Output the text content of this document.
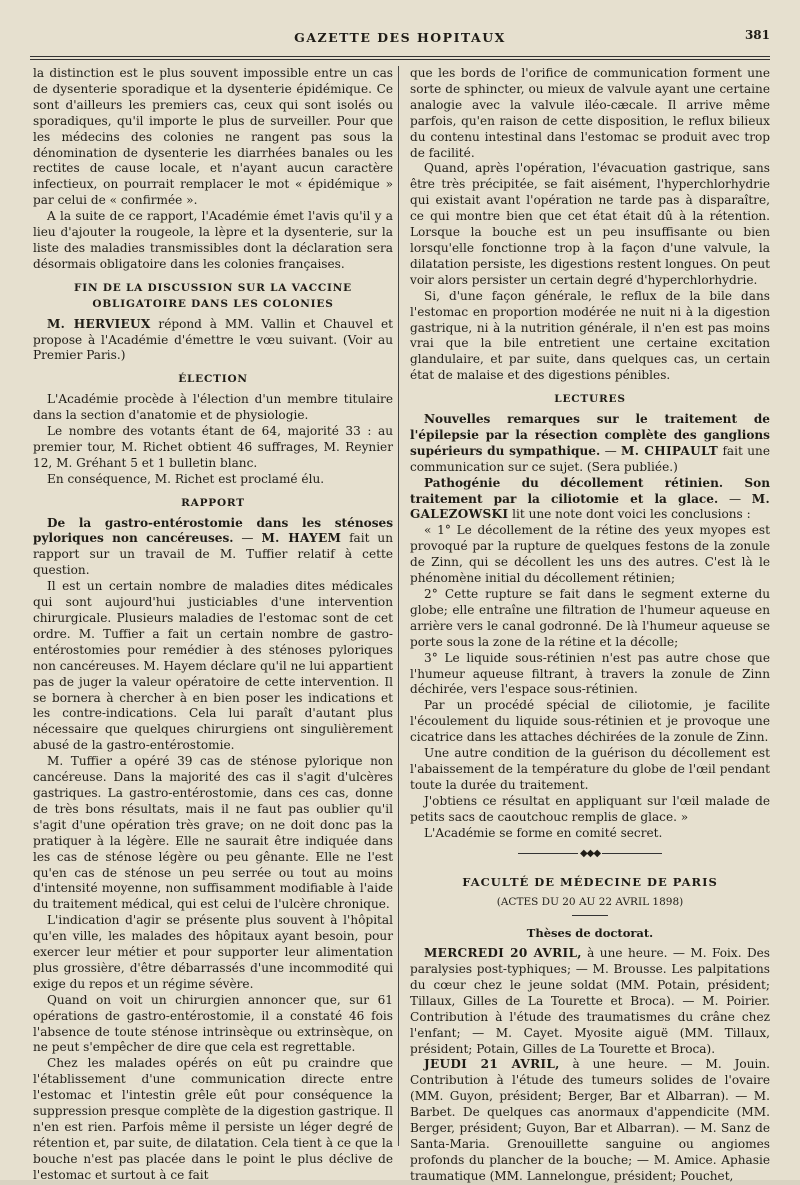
GAZETTE DES HOPITAUX	381

la distinction est le plus souvent impossible entre un cas de dysenterie sporadique et la dysenterie épidémique. Ce sont d'ailleurs les premiers cas, ceux qui sont isolés ou sporadiques, qu'il importe le plus de surveiller. Pour que les médecins des colonies ne rangent pas sous la dénomination de dysenterie les diarrhées banales ou les rectites de cause locale, et n'ayant aucun caractère infectieux, on pourrait remplacer le mot « épidémique » par celui de « confirmée ».

A la suite de ce rapport, l'Académie émet l'avis qu'il y a lieu d'ajouter la rougeole, la lèpre et la dysenterie, sur la liste des maladies transmissibles dont la déclaration sera désormais obligatoire dans les colonies françaises.

FIN DE LA DISCUSSION SUR LA VACCINE OBLIGATOIRE DANS LES COLONIES

M. HERVIEUX répond à MM. Vallin et Chauvel et propose à l'Académie d'émettre le vœu suivant. (Voir au Premier Paris.)

ÉLECTION

L'Académie procède à l'élection d'un membre titulaire dans la section d'anatomie et de physiologie.

Le nombre des votants étant de 64, majorité 33 : au premier tour, M. Richet obtient 46 suffrages, M. Reynier 12, M. Gréhant 5 et 1 bulletin blanc.

En conséquence, M. Richet est proclamé élu.

RAPPORT

De la gastro-entérostomie dans les sténoses pyloriques non cancéreuses. — M. HAYEM fait un rapport sur un travail de M. Tuffier relatif à cette question.

Il est un certain nombre de maladies dites médicales qui sont aujourd'hui justiciables d'une intervention chirurgicale. Plusieurs maladies de l'estomac sont de cet ordre. M. Tuffier a fait un certain nombre de gastro-entérostomies pour remédier à des sténoses pyloriques non cancéreuses. M. Hayem déclare qu'il ne lui appartient pas de juger la valeur opératoire de cette intervention. Il se bornera à chercher à en bien poser les indications et les contre-indications. Cela lui paraît d'autant plus nécessaire que quelques chirurgiens ont singulièrement abusé de la gastro-entérostomie.

M. Tuffier a opéré 39 cas de sténose pylorique non cancéreuse. Dans la majorité des cas il s'agit d'ulcères gastriques. La gastro-entérostomie, dans ces cas, donne de très bons résultats, mais il ne faut pas oublier qu'il s'agit d'une opération très grave; on ne doit donc pas la pratiquer à la légère. Elle ne saurait être indiquée dans les cas de sténose légère ou peu gênante. Elle ne l'est qu'en cas de sténose un peu serrée ou tout au moins d'intensité moyenne, non suffisamment modifiable à l'aide du traitement médical, qui est celui de l'ulcère chronique.

L'indication d'agir se présente plus souvent à l'hôpital qu'en ville, les malades des hôpitaux ayant besoin, pour exercer leur métier et pour supporter leur alimentation plus grossière, d'être débarrassés d'une incommodité qui exige du repos et un régime sévère.

Quand on voit un chirurgien annoncer que, sur 61 opérations de gastro-entérostomie, il a constaté 46 fois l'absence de toute sténose intrinsèque ou extrinsèque, on ne peut s'empêcher de dire que cela est regrettable.

Chez les malades opérés on eût pu craindre que l'établissement d'une communication directe entre l'estomac et l'intestin grêle eût pour conséquence la suppression presque complète de la digestion gastrique. Il n'en est rien. Parfois même il persiste un léger degré de rétention et, par suite, de dilatation. Cela tient à ce que la bouche n'est pas placée dans le point le plus déclive de l'estomac et surtout à ce fait

que les bords de l'orifice de communication forment une sorte de sphincter, ou mieux de valvule ayant une certaine analogie avec la valvule iléo-cæcale. Il arrive même parfois, qu'en raison de cette disposition, le reflux bilieux du contenu intestinal dans l'estomac se produit avec trop de facilité.

Quand, après l'opération, l'évacuation gastrique, sans être très précipitée, se fait aisément, l'hyperchlorhydrie qui existait avant l'opération ne tarde pas à disparaître, ce qui montre bien que cet état était dû à la rétention. Lorsque la bouche est un peu insuffisante ou bien lorsqu'elle fonctionne trop à la façon d'une valvule, la dilatation persiste, les digestions restent longues. On peut voir alors persister un certain degré d'hyperchlorhydrie.

Si, d'une façon générale, le reflux de la bile dans l'estomac en proportion modérée ne nuit ni à la digestion gastrique, ni à la nutrition générale, il n'en est pas moins vrai que la bile entretient une certaine excitation glandulaire, et par suite, dans quelques cas, un certain état de malaise et des digestions pénibles.

LECTURES

Nouvelles remarques sur le traitement de l'épilepsie par la résection complète des ganglions supérieurs du sympathique. — M. CHIPAULT fait une communication sur ce sujet. (Sera publiée.)

Pathogénie du décollement rétinien. Son traitement par la ciliotomie et la glace. — M. GALEZOWSKI lit une note dont voici les conclusions :

« 1° Le décollement de la rétine des yeux myopes est provoqué par la rupture de quelques festons de la zonule de Zinn, qui se décollent les uns des autres. C'est là le phénomène initial du décollement rétinien;

2° Cette rupture se fait dans le segment externe du globe; elle entraîne une filtration de l'humeur aqueuse en arrière vers le canal godronné. De là l'humeur aqueuse se porte sous la zone de la rétine et la décolle;

3° Le liquide sous-rétinien n'est pas autre chose que l'humeur aqueuse filtrant, à travers la zonule de Zinn déchirée, vers l'espace sous-rétinien.

Par un procédé spécial de ciliotomie, je facilite l'écoulement du liquide sous-rétinien et je provoque une cicatrice dans les attaches déchirées de la zonule de Zinn.

Une autre condition de la guérison du décollement est l'abaissement de la température du globe de l'œil pendant toute la durée du traitement.

J'obtiens ce résultat en appliquant sur l'œil malade de petits sacs de caoutchouc remplis de glace. »

L'Académie se forme en comité secret.

◆◆◆
FACULTÉ DE MÉDECINE DE PARIS
(ACTES DU 20 AU 22 AVRIL 1898)
Thèses de doctorat.

MERCREDI 20 AVRIL, à une heure. — M. Foix. Des paralysies post-typhiques; — M. Brousse. Les palpitations du cœur chez le jeune soldat (MM. Potain, président; Tillaux, Gilles de La Tourette et Broca). — M. Poirier. Contribution à l'étude des traumatismes du crâne chez l'enfant; — M. Cayet. Myosite aiguë (MM. Tillaux, président; Potain, Gilles de La Tourette et Broca).

JEUDI 21 AVRIL, à une heure. — M. Jouin. Contribution à l'étude des tumeurs solides de l'ovaire (MM. Guyon, président; Berger, Bar et Albarran). — M. Barbet. De quelques cas anormaux d'appendicite (MM. Berger, président; Guyon, Bar et Albarran). — M. Sanz de Santa-Maria. Grenouillette sanguine ou angiomes profonds du plancher de la bouche; — M. Amice. Aphasie traumatique (MM. Lannelongue, président; Pouchet,
